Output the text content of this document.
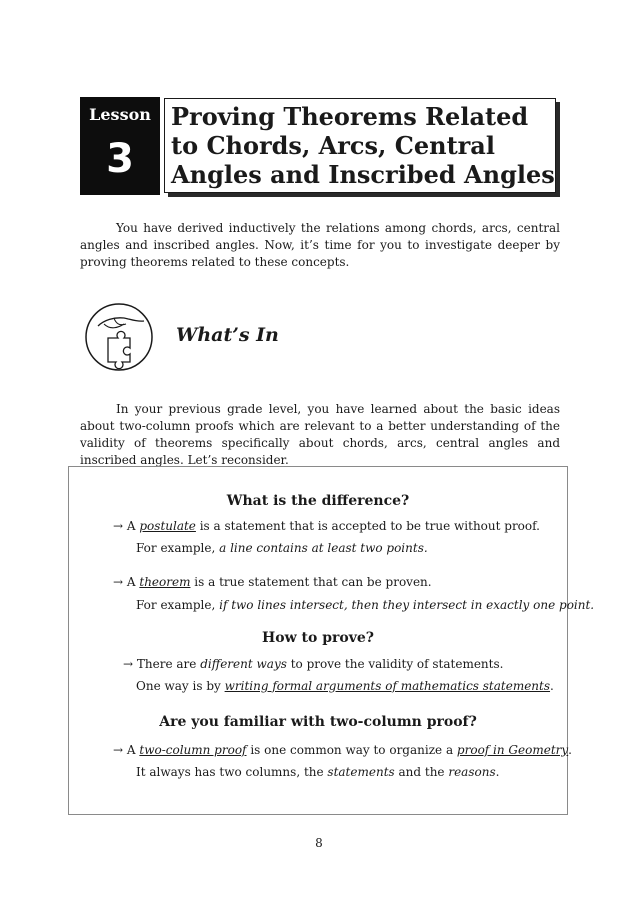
Lesson
3

Proving Theorems Related
to Chords, Arcs, Central
Angles and Inscribed Angles

You have derived inductively the relations among chords, arcs, central angles and inscribed angles. Now, it’s time for you to investigate deeper by proving theorems related to these concepts.

What’s In

In your previous grade level, you have learned about the basic ideas about two-column proofs which are relevant to a better understanding of the validity of theorems specifically about chords, arcs, central angles and inscribed angles. Let’s reconsider.

What is the difference?

→ A postulate is a statement that is accepted to be true without proof.

For example, a line contains at least two points.

→ A theorem is a true statement that can be proven.

For example, if two lines intersect, then they intersect in exactly one point.

How to prove?

→ There are different ways to prove the validity of statements.

One way is by writing formal arguments of mathematics statements.

Are you familiar with two-column proof?

→ A two-column proof is one common way to organize a proof in Geometry.

It always has two columns, the statements and the reasons.

8
